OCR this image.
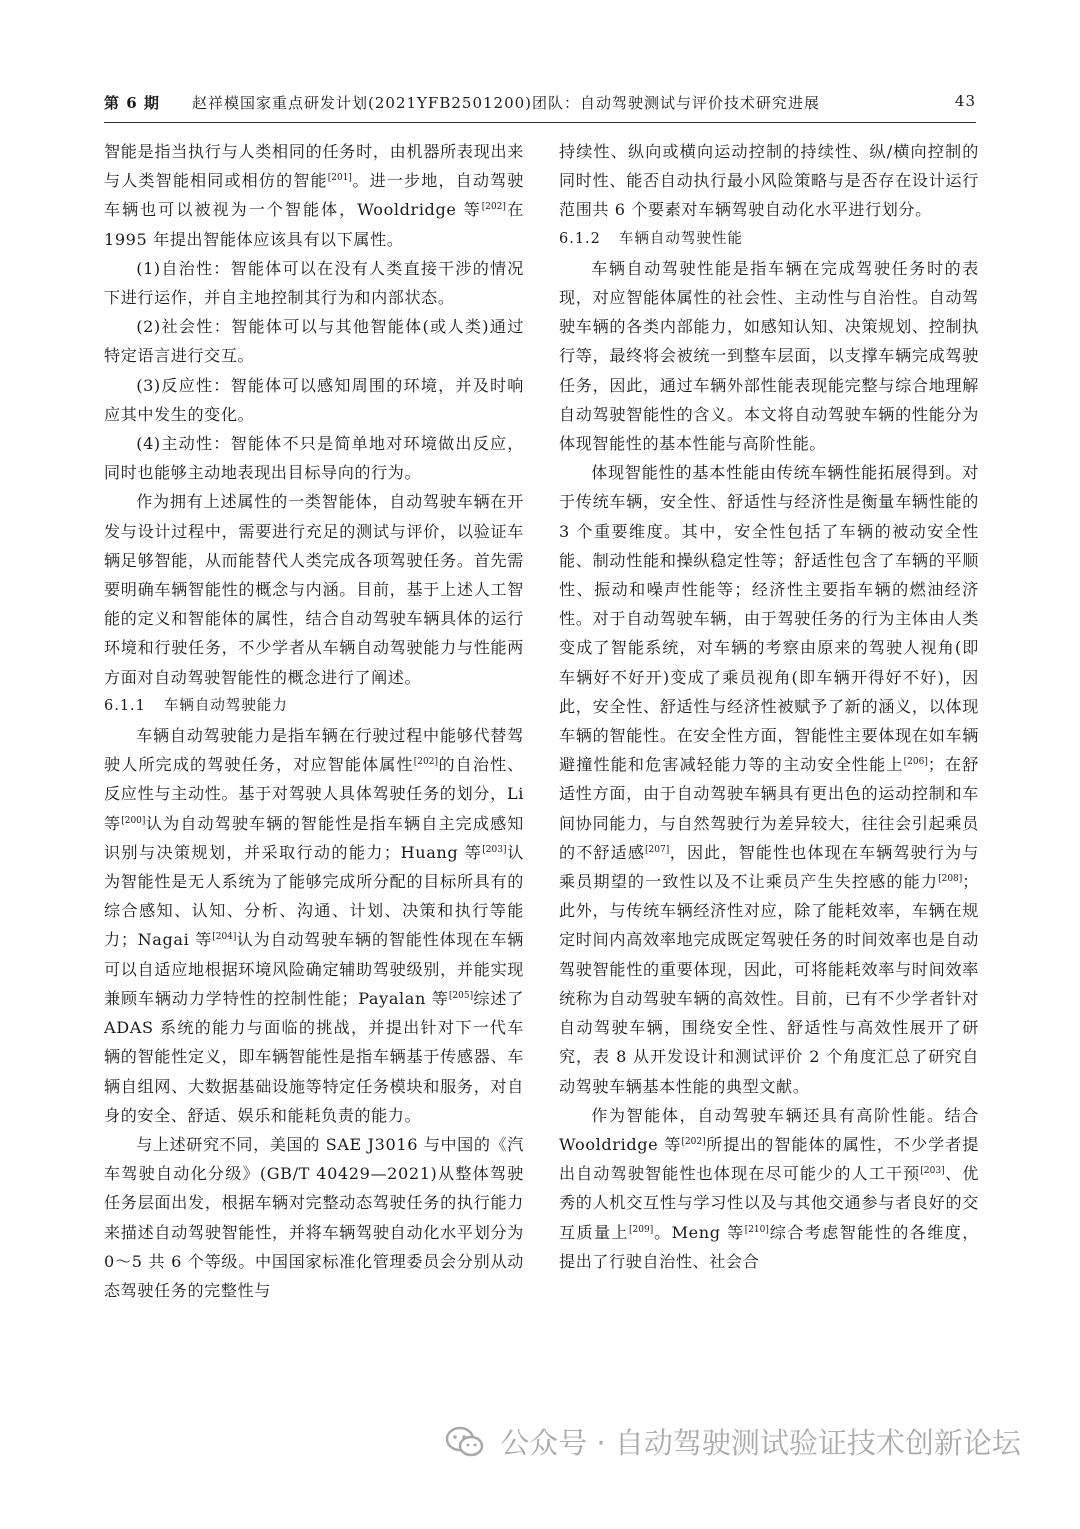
第 6 期 赵祥模国家重点研发计划(2021YFB2501200)团队：自动驾驶测试与评价技术研究进展	43

智能是指当执行与人类相同的任务时，由机器所表现出来与人类智能相同或相仿的智能[201]。进一步地，自动驾驶车辆也可以被视为一个智能体，Wooldridge 等[202]在 1995 年提出智能体应该具有以下属性。

(1)自治性：智能体可以在没有人类直接干涉的情况下进行运作，并自主地控制其行为和内部状态。

(2)社会性：智能体可以与其他智能体(或人类)通过特定语言进行交互。

(3)反应性：智能体可以感知周围的环境，并及时响应其中发生的变化。

(4)主动性：智能体不只是简单地对环境做出反应，同时也能够主动地表现出目标导向的行为。

作为拥有上述属性的一类智能体，自动驾驶车辆在开发与设计过程中，需要进行充足的测试与评价，以验证车辆足够智能，从而能替代人类完成各项驾驶任务。首先需要明确车辆智能性的概念与内涵。目前，基于上述人工智能的定义和智能体的属性，结合自动驾驶车辆具体的运行环境和行驶任务，不少学者从车辆自动驾驶能力与性能两方面对自动驾驶智能性的概念进行了阐述。

6.1.1 车辆自动驾驶能力

车辆自动驾驶能力是指车辆在行驶过程中能够代替驾驶人所完成的驾驶任务，对应智能体属性[202]的自治性、反应性与主动性。基于对驾驶人具体驾驶任务的划分，Li 等[200]认为自动驾驶车辆的智能性是指车辆自主完成感知识别与决策规划，并采取行动的能力；Huang 等[203]认为智能性是无人系统为了能够完成所分配的目标所具有的综合感知、认知、分析、沟通、计划、决策和执行等能力；Nagai 等[204]认为自动驾驶车辆的智能性体现在车辆可以自适应地根据环境风险确定辅助驾驶级别，并能实现兼顾车辆动力学特性的控制性能；Payalan 等[205]综述了 ADAS 系统的能力与面临的挑战，并提出针对下一代车辆的智能性定义，即车辆智能性是指车辆基于传感器、车辆自组网、大数据基础设施等特定任务模块和服务，对自身的安全、舒适、娱乐和能耗负责的能力。

与上述研究不同，美国的 SAE J3016 与中国的《汽车驾驶自动化分级》(GB/T 40429—2021)从整体驾驶任务层面出发，根据车辆对完整动态驾驶任务的执行能力来描述自动驾驶智能性，并将车辆驾驶自动化水平划分为 0～5 共 6 个等级。中国国家标准化管理委员会分别从动态驾驶任务的完整性与

持续性、纵向或横向运动控制的持续性、纵/横向控制的同时性、能否自动执行最小风险策略与是否存在设计运行范围共 6 个要素对车辆驾驶自动化水平进行划分。

6.1.2 车辆自动驾驶性能

车辆自动驾驶性能是指车辆在完成驾驶任务时的表现，对应智能体属性的社会性、主动性与自治性。自动驾驶车辆的各类内部能力，如感知认知、决策规划、控制执行等，最终将会被统一到整车层面，以支撑车辆完成驾驶任务，因此，通过车辆外部性能表现能完整与综合地理解自动驾驶智能性的含义。本文将自动驾驶车辆的性能分为体现智能性的基本性能与高阶性能。

体现智能性的基本性能由传统车辆性能拓展得到。对于传统车辆，安全性、舒适性与经济性是衡量车辆性能的 3 个重要维度。其中，安全性包括了车辆的被动安全性能、制动性能和操纵稳定性等；舒适性包含了车辆的平顺性、振动和噪声性能等；经济性主要指车辆的燃油经济性。对于自动驾驶车辆，由于驾驶任务的行为主体由人类变成了智能系统，对车辆的考察由原来的驾驶人视角(即车辆好不好开)变成了乘员视角(即车辆开得好不好)，因此，安全性、舒适性与经济性被赋予了新的涵义，以体现车辆的智能性。在安全性方面，智能性主要体现在如车辆避撞性能和危害减轻能力等的主动安全性能上[206]；在舒适性方面，由于自动驾驶车辆具有更出色的运动控制和车间协同能力，与自然驾驶行为差异较大，往往会引起乘员的不舒适感[207]，因此，智能性也体现在车辆驾驶行为与乘员期望的一致性以及不让乘员产生失控感的能力[208]；此外，与传统车辆经济性对应，除了能耗效率，车辆在规定时间内高效率地完成既定驾驶任务的时间效率也是自动驾驶智能性的重要体现，因此，可将能耗效率与时间效率统称为自动驾驶车辆的高效性。目前，已有不少学者针对自动驾驶车辆，围绕安全性、舒适性与高效性展开了研究，表 8 从开发设计和测试评价 2 个角度汇总了研究自动驾驶车辆基本性能的典型文献。

作为智能体，自动驾驶车辆还具有高阶性能。结合 Wooldridge 等[202]所提出的智能体的属性，不少学者提出自动驾驶智能性也体现在尽可能少的人工干预[203]、优秀的人机交互性与学习性以及与其他交通参与者良好的交互质量上[209]。Meng 等[210]综合考虑智能性的各维度，提出了行驶自治性、社会合

公众号 · 自动驾驶测试验证技术创新论坛
